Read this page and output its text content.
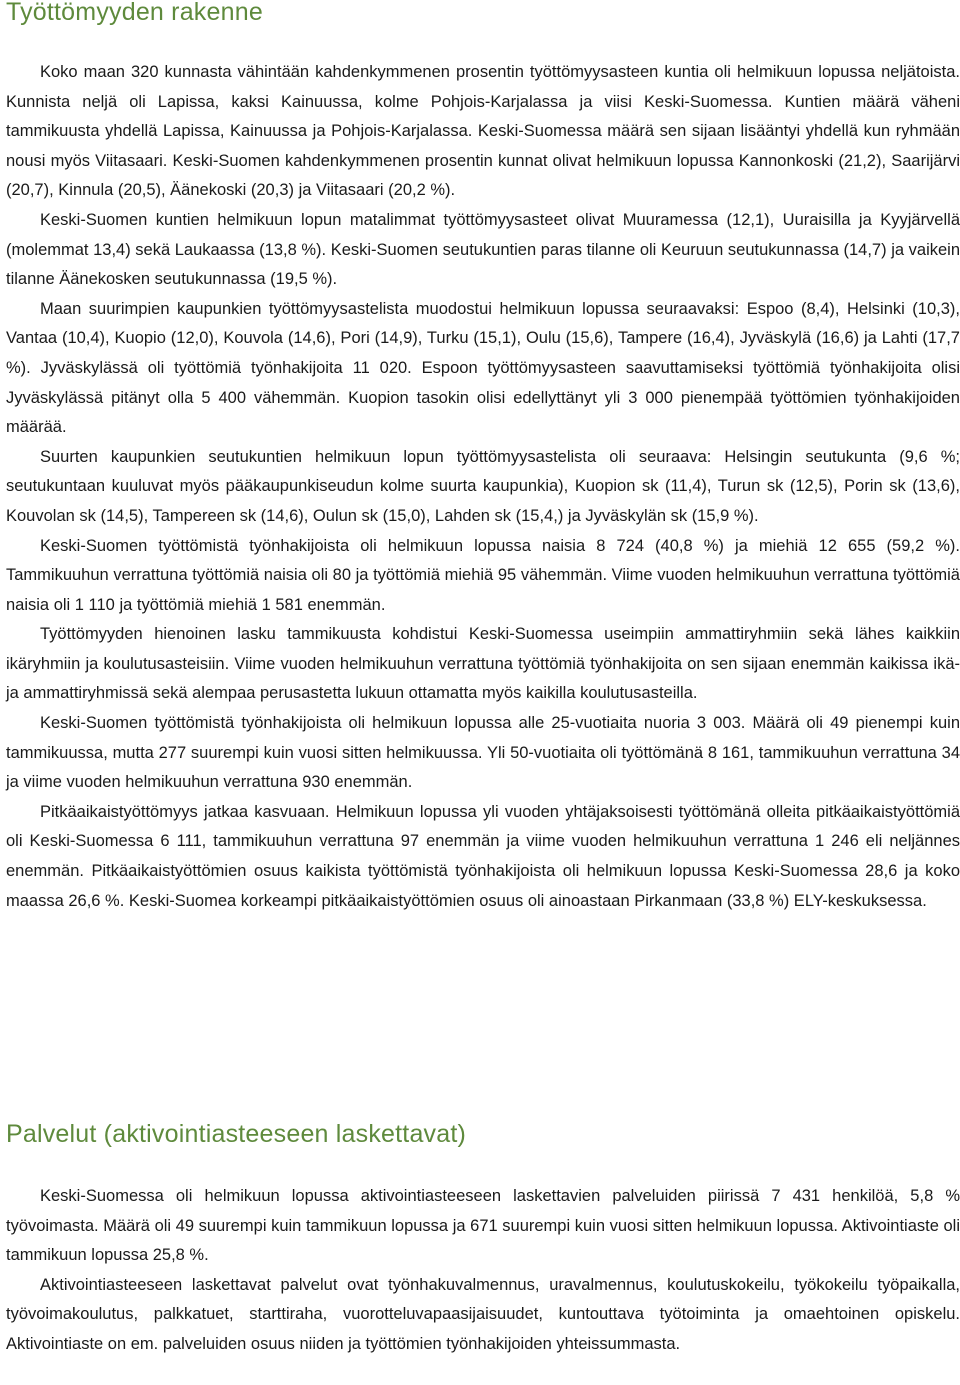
Työttömyyden rakenne

Koko maan 320 kunnasta vähintään kahdenkymmenen prosentin työttömyysasteen kuntia oli helmikuun lopussa neljätoista. Kunnista neljä oli Lapissa, kaksi Kainuussa, kolme Pohjois-Karjalassa ja viisi Keski-Suomessa. Kuntien määrä väheni tammikuusta yhdellä Lapissa, Kainuussa ja Pohjois-Karjalassa. Keski-Suomessa määrä sen sijaan lisääntyi yhdellä kun ryhmään nousi myös Viitasaari. Keski-Suomen kahdenkymmenen prosentin kunnat olivat helmikuun lopussa Kannonkoski (21,2), Saarijärvi (20,7), Kinnula (20,5), Äänekoski (20,3) ja Viitasaari (20,2 %).

Keski-Suomen kuntien helmikuun lopun matalimmat työttömyysasteet olivat Muuramessa (12,1), Uuraisilla ja Kyyjärvellä (molemmat 13,4) sekä Laukaassa (13,8 %). Keski-Suomen seutukuntien paras tilanne oli Keuruun seutukunnassa (14,7) ja vaikein tilanne Äänekosken seutukunnassa (19,5 %).

Maan suurimpien kaupunkien työttömyysastelista muodostui helmikuun lopussa seuraavaksi: Espoo (8,4), Helsinki (10,3), Vantaa (10,4), Kuopio (12,0), Kouvola (14,6), Pori (14,9), Turku (15,1), Oulu (15,6), Tampere (16,4), Jyväskylä (16,6) ja Lahti (17,7 %). Jyväskylässä oli työttömiä työnhakijoita 11 020. Espoon työttömyysasteen saavuttamiseksi työttömiä työnhakijoita olisi Jyväskylässä pitänyt olla 5 400 vähemmän. Kuopion tasokin olisi edellyttänyt yli 3 000 pienempää työttömien työnhakijoiden määrää.

Suurten kaupunkien seutukuntien helmikuun lopun työttömyysastelista oli seuraava: Helsingin seutukunta (9,6 %; seutukuntaan kuuluvat myös pääkaupunkiseudun kolme suurta kaupunkia), Kuopion sk (11,4), Turun sk (12,5), Porin sk (13,6), Kouvolan sk (14,5), Tampereen sk (14,6), Oulun sk (15,0), Lahden sk (15,4,) ja Jyväskylän sk (15,9 %).

Keski-Suomen työttömistä työnhakijoista oli helmikuun lopussa naisia 8 724 (40,8 %) ja miehiä 12 655 (59,2 %). Tammikuuhun verrattuna työttömiä naisia oli 80 ja työttömiä miehiä 95 vähemmän. Viime vuoden helmikuuhun verrattuna työttömiä naisia oli 1 110 ja työttömiä miehiä 1 581 enemmän.

Työttömyyden hienoinen lasku tammikuusta kohdistui Keski-Suomessa useimpiin ammattiryhmiin sekä lähes kaikkiin ikäryhmiin ja koulutusasteisiin. Viime vuoden helmikuuhun verrattuna työttömiä työnhakijoita on sen sijaan enemmän kaikissa ikä- ja ammattiryhmissä sekä alempaa perusastetta lukuun ottamatta myös kaikilla koulutusasteilla.

Keski-Suomen työttömistä työnhakijoista oli helmikuun lopussa alle 25-vuotiaita nuoria 3 003. Määrä oli 49 pienempi kuin tammikuussa, mutta 277 suurempi kuin vuosi sitten helmikuussa. Yli 50-vuotiaita oli työttömänä 8 161, tammikuuhun verrattuna 34 ja viime vuoden helmikuuhun verrattuna 930 enemmän.

Pitkäaikaistyöttömyys jatkaa kasvuaan. Helmikuun lopussa yli vuoden yhtäjaksoisesti työttömänä olleita pitkäaikaistyöttömiä oli Keski-Suomessa 6 111, tammikuuhun verrattuna 97 enemmän ja viime vuoden helmikuuhun verrattuna 1 246 eli neljännes enemmän. Pitkäaikaistyöttömien osuus kaikista työttömistä työnhakijoista oli helmikuun lopussa Keski-Suomessa 28,6 ja koko maassa 26,6 %. Keski-Suomea korkeampi pitkäaikaistyöttömien osuus oli ainoastaan Pirkanmaan (33,8 %) ELY-keskuksessa.

Palvelut (aktivointiasteeseen laskettavat)

Keski-Suomessa oli helmikuun lopussa aktivointiasteeseen laskettavien palveluiden piirissä 7 431 henkilöä, 5,8 % työvoimasta. Määrä oli 49 suurempi kuin tammikuun lopussa ja 671 suurempi kuin vuosi sitten helmikuun lopussa. Aktivointiaste oli tammikuun lopussa 25,8 %.

Aktivointiasteeseen laskettavat palvelut ovat työnhakuvalmennus, uravalmennus, koulutuskokeilu, työkokeilu työpaikalla, työvoimakoulutus, palkkatuet, starttiraha, vuorotteluvapaasijaisuudet, kuntouttava työtoiminta ja omaehtoinen opiskelu. Aktivointiaste on em. palveluiden osuus niiden ja työttömien työnhakijoiden yhteissummasta.
